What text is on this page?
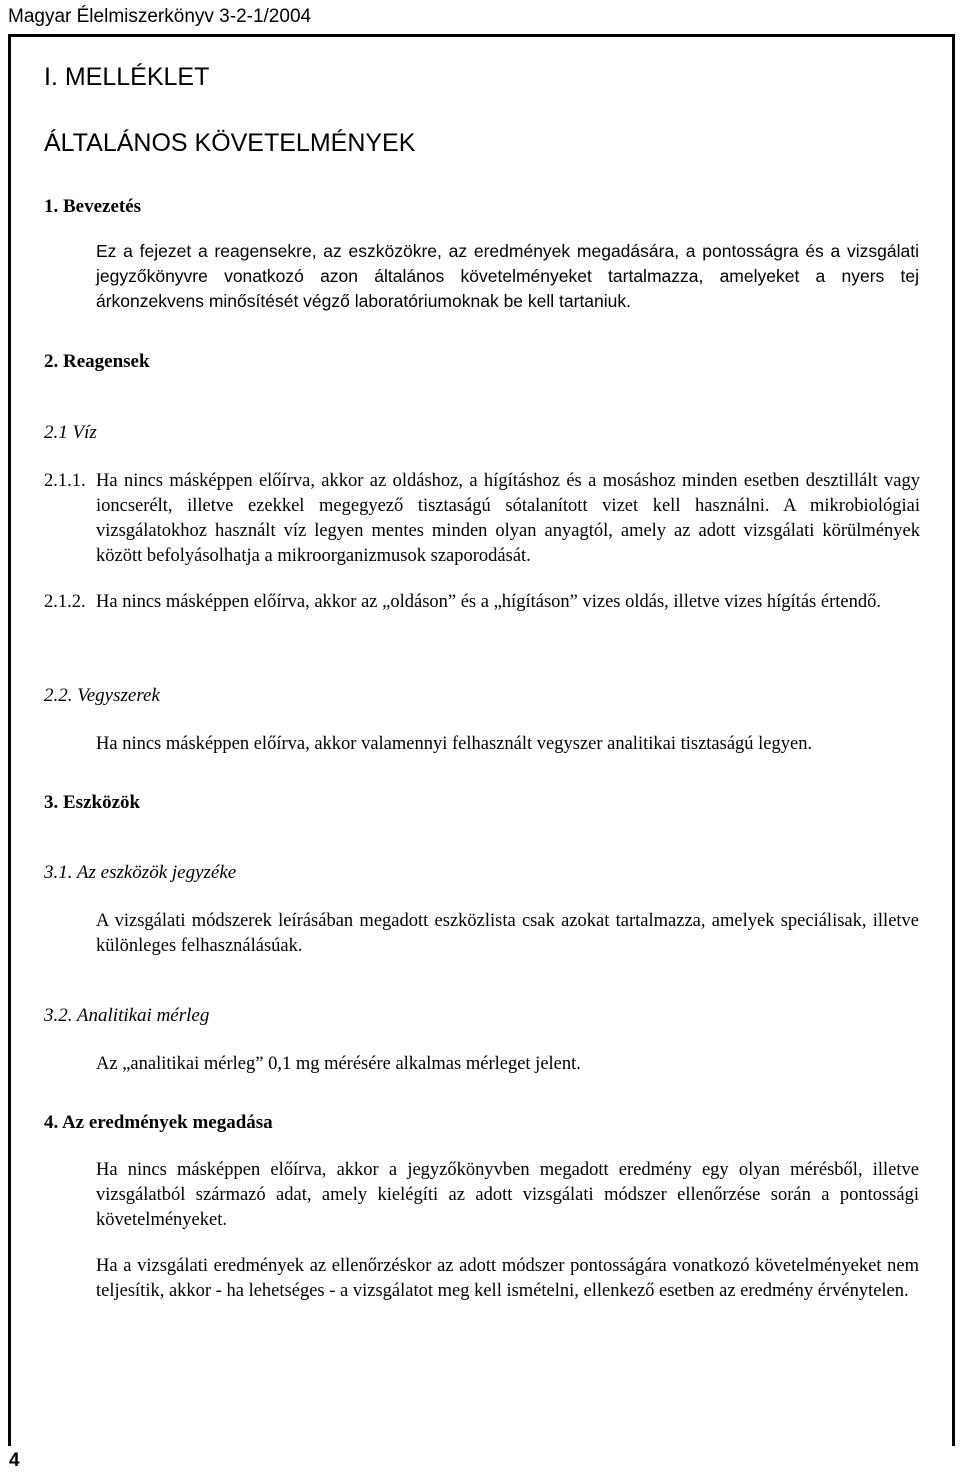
Magyar Élelmiszerkönyv 3-2-1/2004
I. MELLÉKLET
ÁLTALÁNOS KÖVETELMÉNYEK
1. Bevezetés
Ez a fejezet a reagensekre, az eszközökre, az eredmények megadására, a pontosságra és a vizsgálati jegyzőkönyvre vonatkozó azon általános követelményeket tartalmazza, amelyeket a nyers tej árkonzekvens minősítését végző laboratóriumoknak be kell tartaniuk.
2. Reagensek
2.1 Víz
2.1.1. Ha nincs másképpen előírva, akkor az oldáshoz, a hígításhoz és a mosáshoz minden esetben desztillált vagy ioncserélt, illetve ezekkel megegyező tisztaságú sótalanított vizet kell használni. A mikrobiológiai vizsgálatokhoz használt víz legyen mentes minden olyan anyagtól, amely az adott vizsgálati körülmények között befolyásolhatja a mikroorganizmusok szaporodását.
2.1.2. Ha nincs másképpen előírva, akkor az „oldáson” és a „hígításon” vizes oldás, illetve vizes hígítás értendő.
2.2. Vegyszerek
Ha nincs másképpen előírva, akkor valamennyi felhasznált vegyszer analitikai tisztaságú legyen.
3. Eszközök
3.1. Az eszközök jegyzéke
A vizsgálati módszerek leírásában megadott eszközlista csak azokat tartalmazza, amelyek speciálisak, illetve különleges felhasználásúak.
3.2. Analitikai mérleg
Az „analitikai mérleg” 0,1 mg mérésére alkalmas mérleget jelent.
4. Az eredmények megadása
Ha nincs másképpen előírva, akkor a jegyzőkönyvben megadott eredmény egy olyan mérésből, illetve vizsgálatból származó adat, amely kielégíti az adott vizsgálati módszer ellenőrzése során a pontossági követelményeket.
Ha a vizsgálati eredmények az ellenőrzéskor az adott módszer pontosságára vonatkozó követelményeket nem teljesítik, akkor - ha lehetséges - a vizsgálatot meg kell ismételni, ellenkező esetben az eredmény érvénytelen.
4
